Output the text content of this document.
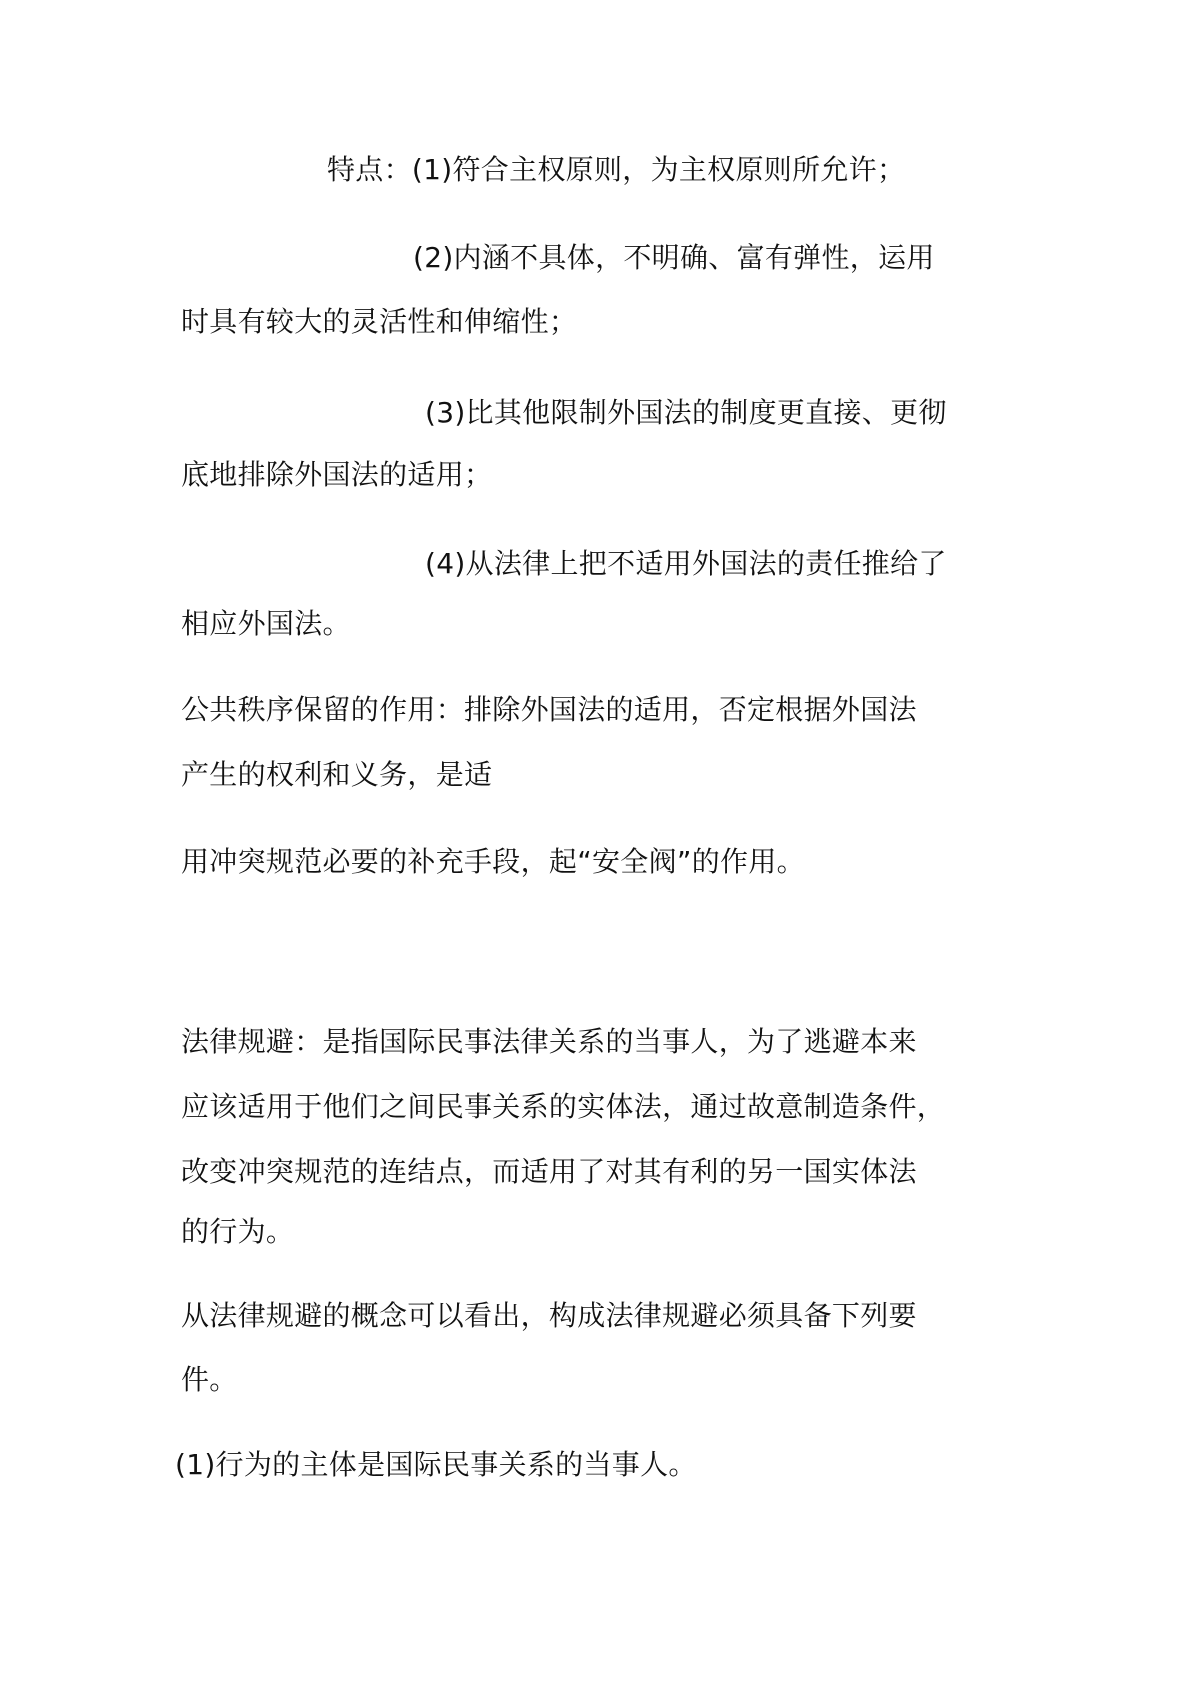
特点：(1)符合主权原则，为主权原则所允许；
(2)内涵不具体，不明确、富有弹性，运用
时具有较大的灵活性和伸缩性；
(3)比其他限制外国法的制度更直接、更彻
底地排除外国法的适用；
(4)从法律上把不适用外国法的责任推给了
相应外国法。
公共秩序保留的作用：排除外国法的适用，否定根据外国法
产生的权利和义务，是适
用冲突规范必要的补充手段，起“安全阀”的作用。
法律规避：是指国际民事法律关系的当事人，为了逃避本来
应该适用于他们之间民事关系的实体法，通过故意制造条件，
改变冲突规范的连结点，而适用了对其有利的另一国实体法
的行为。
从法律规避的概念可以看出，构成法律规避必须具备下列要
件。
(1)行为的主体是国际民事关系的当事人。
